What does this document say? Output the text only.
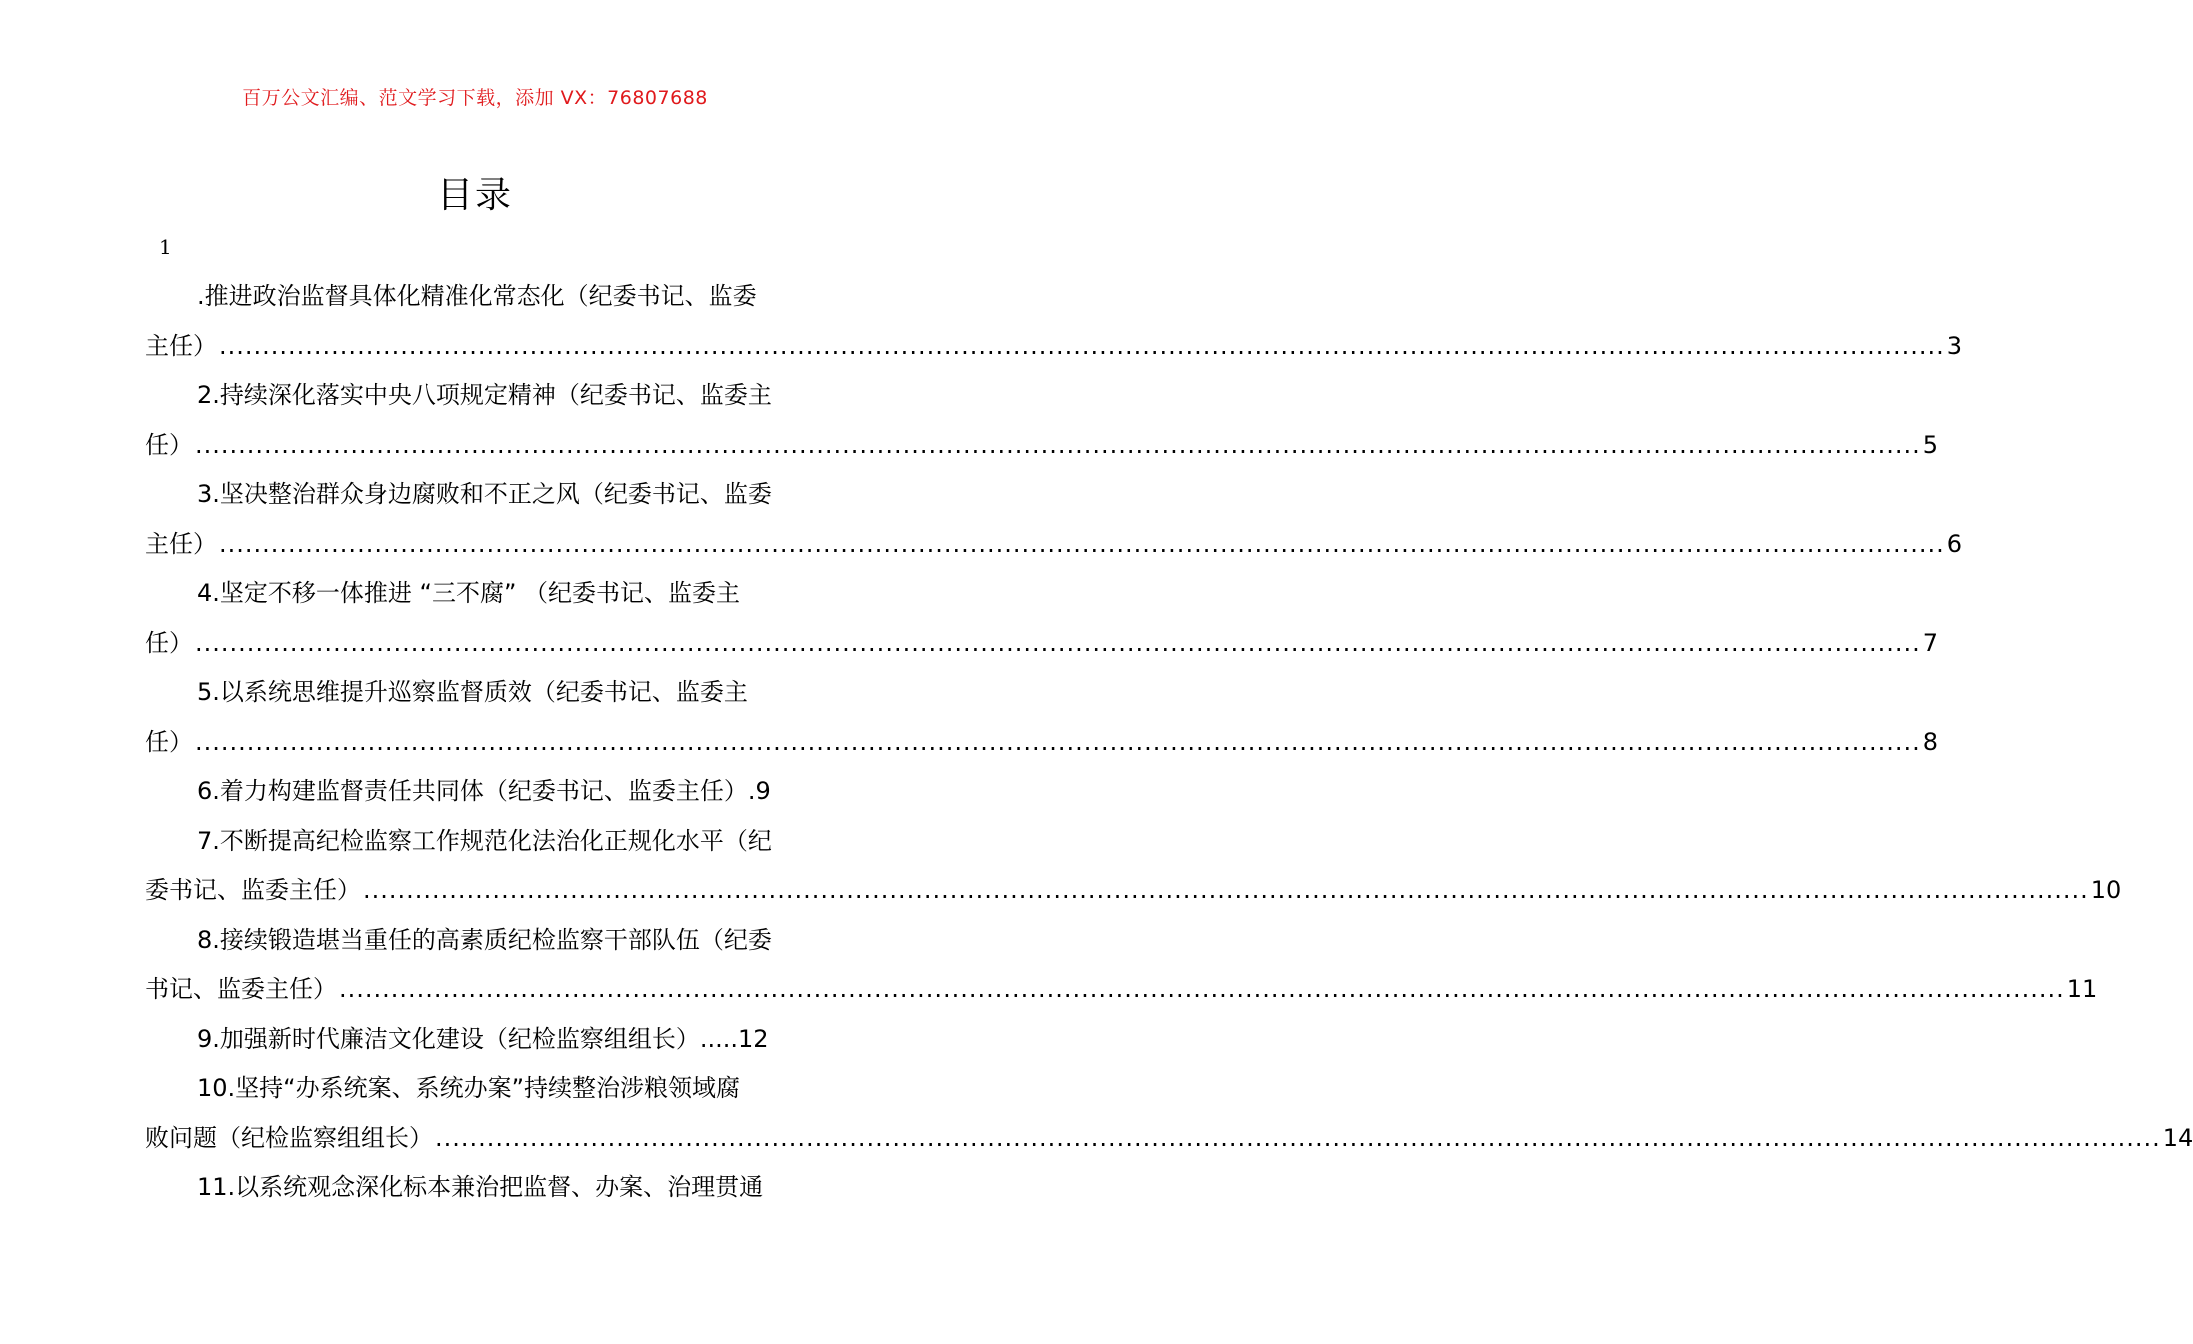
百万公文汇编、范文学习下载，添加 VX：76807688
目录
1
.推进政治监督具体化精准化常态化（纪委书记、监委
主任） ........................................................................................................................................................................................................ 3
2.持续深化落实中央八项规定精神（纪委书记、监委主
任） ........................................................................................................................................................................................................ 5
3.坚决整治群众身边腐败和不正之风（纪委书记、监委
主任） ........................................................................................................................................................................................................ 6
4.坚定不移一体推进 “三不腐” （纪委书记、监委主
任） ........................................................................................................................................................................................................ 7
5.以系统思维提升巡察监督质效（纪委书记、监委主
任） ........................................................................................................................................................................................................ 8
6.着力构建监督责任共同体（纪委书记、监委主任）.9
7.不断提高纪检监察工作规范化法治化正规化水平（纪
委书记、监委主任） ........................................................................................................................................................................................................ 10
8.接续锻造堪当重任的高素质纪检监察干部队伍（纪委
书记、监委主任） ........................................................................................................................................................................................................ 11
9.加强新时代廉洁文化建设（纪检监察组组长）.....12
10.坚持“办系统案、系统办案”持续整治涉粮领域腐
败问题（纪检监察组组长） ........................................................................................................................................................................................................ 14
11.以系统观念深化标本兼治把监督、办案、治理贯通
